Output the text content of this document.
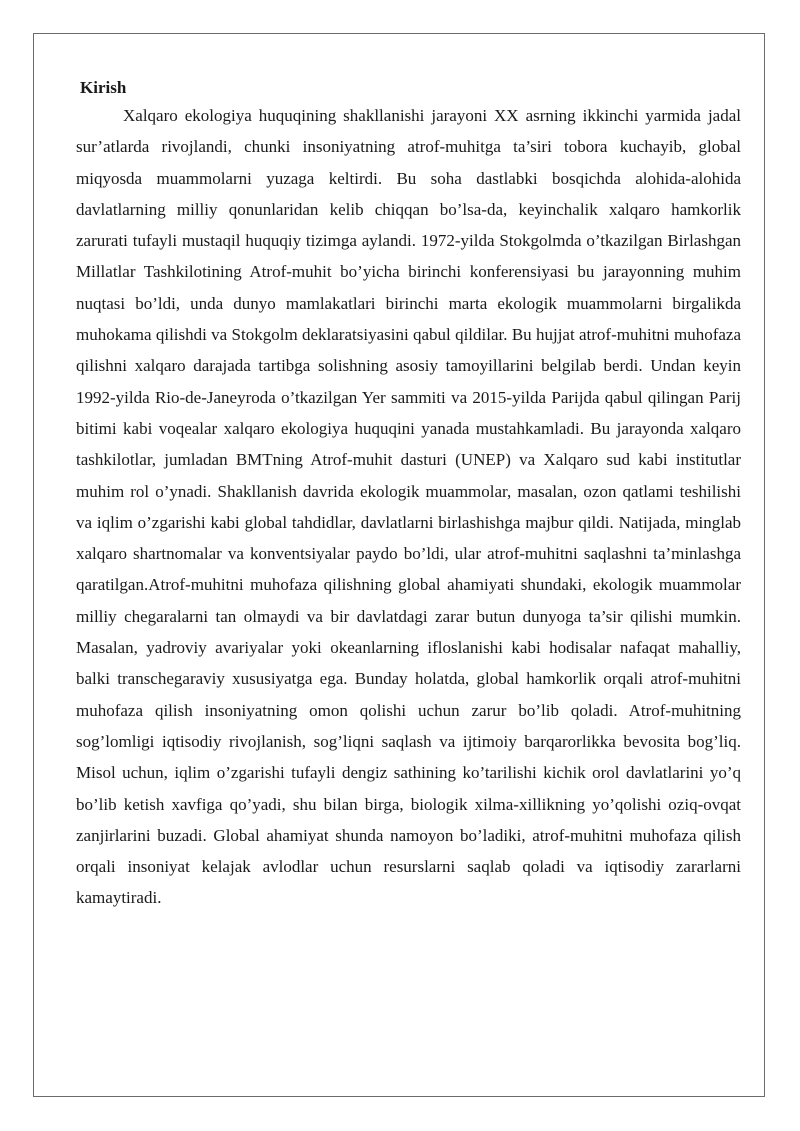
Kirish

Xalqaro ekologiya huquqining shakllanishi jarayoni XX asrning ikkinchi yarmida jadal sur’atlarda rivojlandi, chunki insoniyatning atrof-muhitga ta’siri tobora kuchayib, global miqyosda muammolarni yuzaga keltirdi. Bu soha dastlabki bosqichda alohida-alohida davlatlarning milliy qonunlaridan kelib chiqqan bo’lsa-da, keyinchalik xalqaro hamkorlik zarurati tufayli mustaqil huquqiy tizimga aylandi. 1972-yilda Stokgolmda o’tkazilgan Birlashgan Millatlar Tashkilotining Atrof-muhit bo’yicha birinchi konferensiyasi bu jarayonning muhim nuqtasi bo’ldi, unda dunyo mamlakatlari birinchi marta ekologik muammolarni birgalikda muhokama qilishdi va Stokgolm deklaratsiyasini qabul qildilar. Bu hujjat atrof-muhitni muhofaza qilishni xalqaro darajada tartibga solishning asosiy tamoyillarini belgilab berdi. Undan keyin 1992-yilda Rio-de-Janeyroda o’tkazilgan Yer sammiti va 2015-yilda Parijda qabul qilingan Parij bitimi kabi voqealar xalqaro ekologiya huquqini yanada mustahkamladi. Bu jarayonda xalqaro tashkilotlar, jumladan BMTning Atrof-muhit dasturi (UNEP) va Xalqaro sud kabi institutlar muhim rol o’ynadi. Shakllanish davrida ekologik muammolar, masalan, ozon qatlami teshilishi va iqlim o’zgarishi kabi global tahdidlar, davlatlarni birlashishga majbur qildi. Natijada, minglab xalqaro shartnomalar va konventsiyalar paydo bo’ldi, ular atrof-muhitni saqlashni ta’minlashga qaratilgan.Atrof-muhitni muhofaza qilishning global ahamiyati shundaki, ekologik muammolar milliy chegaralarni tan olmaydi va bir davlatdagi zarar butun dunyoga ta’sir qilishi mumkin. Masalan, yadroviy avariyalar yoki okeanlarning ifloslanishi kabi hodisalar nafaqat mahalliy, balki transchegaraviy xususiyatga ega. Bunday holatda, global hamkorlik orqali atrof-muhitni muhofaza qilish insoniyatning omon qolishi uchun zarur bo’lib qoladi. Atrof-muhitning sog’lomligi iqtisodiy rivojlanish, sog’liqni saqlash va ijtimoiy barqarorlikka bevosita bog’liq. Misol uchun, iqlim o’zgarishi tufayli dengiz sathining ko’tarilishi kichik orol davlatlarini yo’q bo’lib ketish xavfiga qo’yadi, shu bilan birga, biologik xilma-xillikning yo’qolishi oziq-ovqat zanjirlarini buzadi. Global ahamiyat shunda namoyon bo’ladiki, atrof-muhitni muhofaza qilish orqali insoniyat kelajak avlodlar uchun resurslarni saqlab qoladi va iqtisodiy zararlarni kamaytiradi.
